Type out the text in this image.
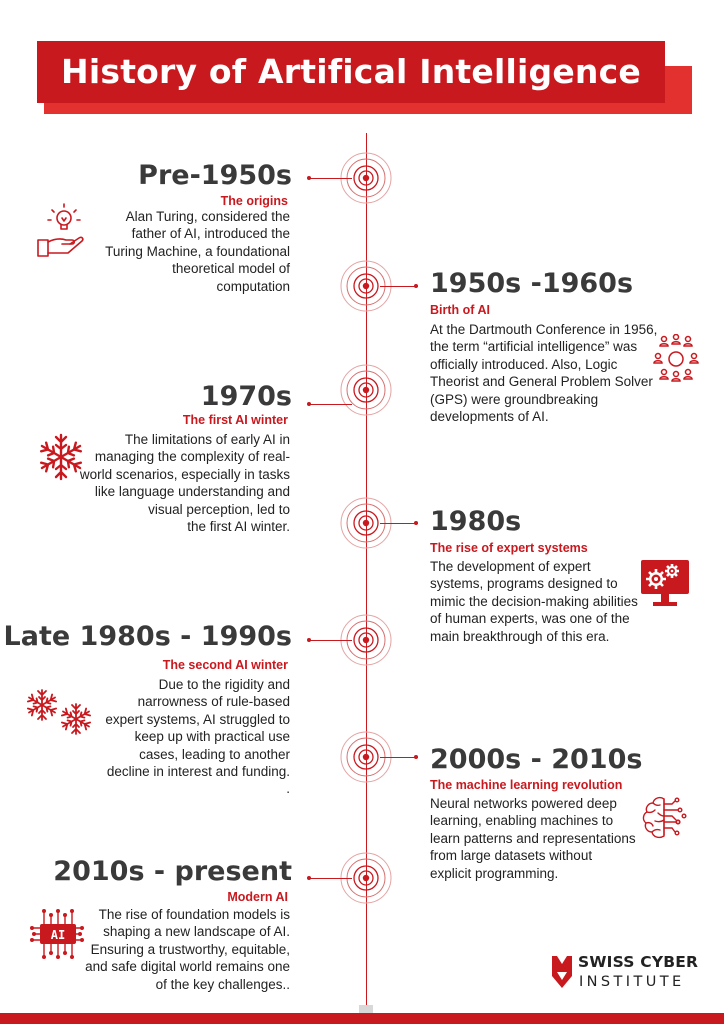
History of Artifical Intelligence
Pre-1950s
The origins
Alan Turing, considered the
father of AI, introduced the
Turing Machine, a foundational
theoretical model of
computation	1950s -1960s
Birth of AI
At the Dartmouth Conference in 1956,
the term “artificial intelligence” was
officially introduced. Also, Logic
Theorist and General Problem Solver
(GPS) were groundbreaking
developments of AI.
1970s
The first AI winter
The limitations of early AI in
managing the complexity of real-
world scenarios, especially in tasks
like language understanding and
visual perception, led to
the first AI winter.	1980s
The rise of expert systems
The development of expert
systems, programs designed to
mimic the decision-making abilities
of human experts, was one of the
main breakthrough of this era.
Late 1980s - 1990s
The second AI winter
Due to the rigidity and
narrowness of rule-based
expert systems, AI struggled to
keep up with practical use
cases, leading to another
decline in interest and funding.
.
2000s - 2010s
The machine learning revolution
Neural networks powered deep
learning, enabling machines to
learn patterns and representations
from large datasets without
explicit programming.
2010s - present
Modern AI
The rise of foundation models is
shaping a new landscape of AI.
Ensuring a trustworthy, equitable,
and safe digital world remains one
of the key challenges..
AI
SWISS CYBER
INSTITUTE
